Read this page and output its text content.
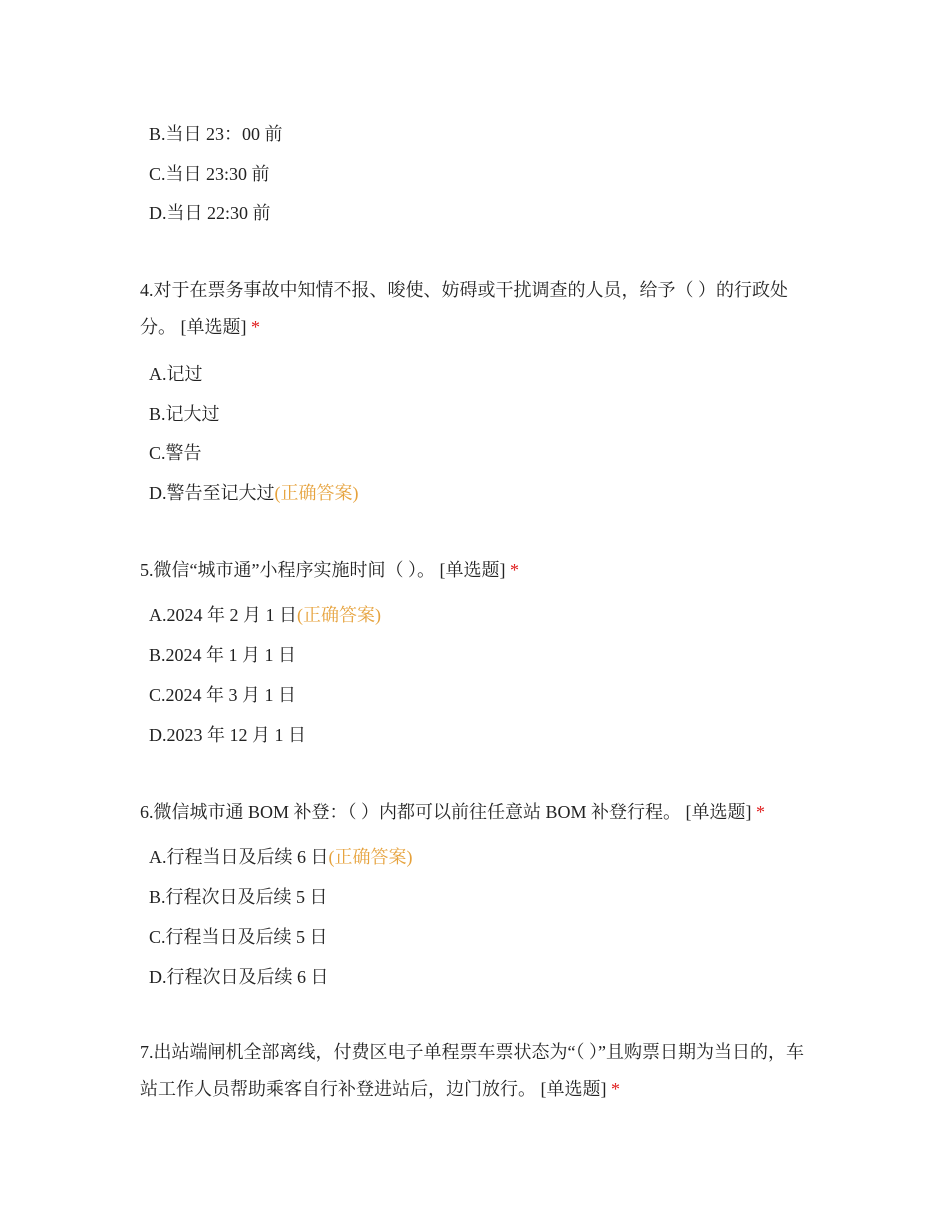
B.当日 23：00 前
C.当日 23:30 前
D.当日 22:30 前
4.对于在票务事故中知情不报、唆使、妨碍或干扰调查的人员，给予（ ）的行政处分。 [单选题] *
A.记过
B.记大过
C.警告
D.警告至记大过(正确答案)
5.微信“城市通”小程序实施时间（ ）。 [单选题] *
A.2024 年 2 月 1 日(正确答案)
B.2024 年 1 月 1 日
C.2024 年 3 月 1 日
D.2023 年 12 月 1 日
6.微信城市通 BOM 补登：（ ）内都可以前往任意站 BOM 补登行程。 [单选题] *
A.行程当日及后续 6 日(正确答案)
B.行程次日及后续 5 日
C.行程当日及后续 5 日
D.行程次日及后续 6 日
7.出站端闸机全部离线，付费区电子单程票车票状态为“（ ）”且购票日期为当日的，车站工作人员帮助乘客自行补登进站后，边门放行。 [单选题] *
